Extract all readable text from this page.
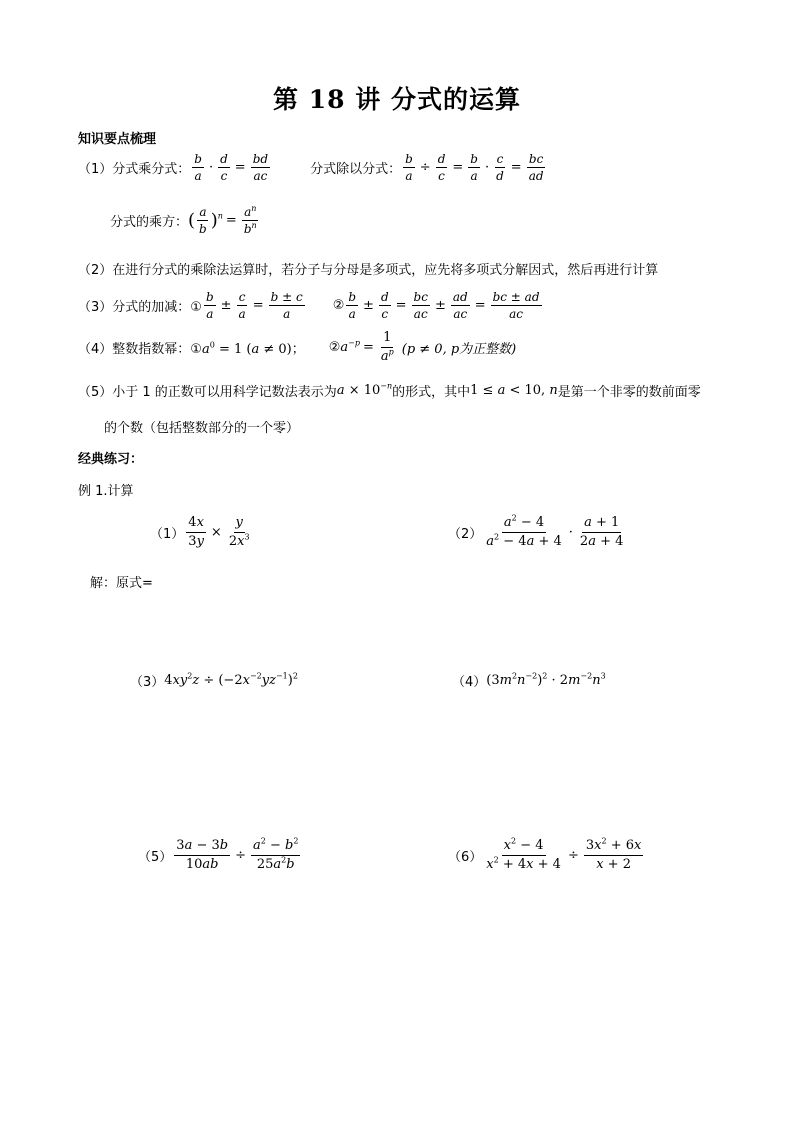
第 18 讲 分式的运算
知识要点梳理
（1）分式乘分式： $\frac{b}{a} \cdot \frac{d}{c} = \frac{bd}{ac}$	分式除以分式： $\frac{b}{a} \div \frac{d}{c} = \frac{b}{a} \cdot \frac{c}{d} = \frac{bc}{ad}$
分式的乘方： ( $\frac{a}{b}$ ) $^n = \frac{a^n}{b^n}$
（2）在进行分式的乘除法运算时，若分子与分母是多项式，应先将多项式分解因式，然后再进行计算
（3）分式的加减：① $\frac{b}{a} \pm \frac{c}{a} = \frac{b \pm c}{a}$ ② $\frac{b}{a} \pm \frac{d}{c} = \frac{bc}{ac} \pm \frac{ad}{ac} = \frac{bc \pm ad}{ac}$
（4）整数指数幂：① $a^0 = 1$ (a ≠ 0)； ② $a^{-p} = \frac{1}{a^p} (p \ne 0$, p为正整数)
（5）小于 1 的正数可以用科学记数法表示为 $a \times 10^{-n}$ 的形式，其中 1 ≤ a < 10, n 是第一个非零的数前面零
的个数（包括整数部分的一个零）
经典练习：
例 1.计算
$(1) \frac{4x}{3y} \times \frac{y}{2x^3}$	$(2) \frac{a^2 - 4}{a^2 - 4a + 4} \cdot \frac{a + 1}{2a + 4}$
解：原式=
（3） $4xy^2z \div (-2x^{-2}yz^{-1})^2$	（4） $(3m^2n^{-2})^2 \cdot 2m^{-2}n^3$
$(5) \frac{3a - 3b}{10ab} \div \frac{a^2 - b^2}{25a^2b}$	$(6) \frac{x^2 - 4}{x^2 + 4x + 4} \div \frac{3x^2 + 6x}{x + 2}$
